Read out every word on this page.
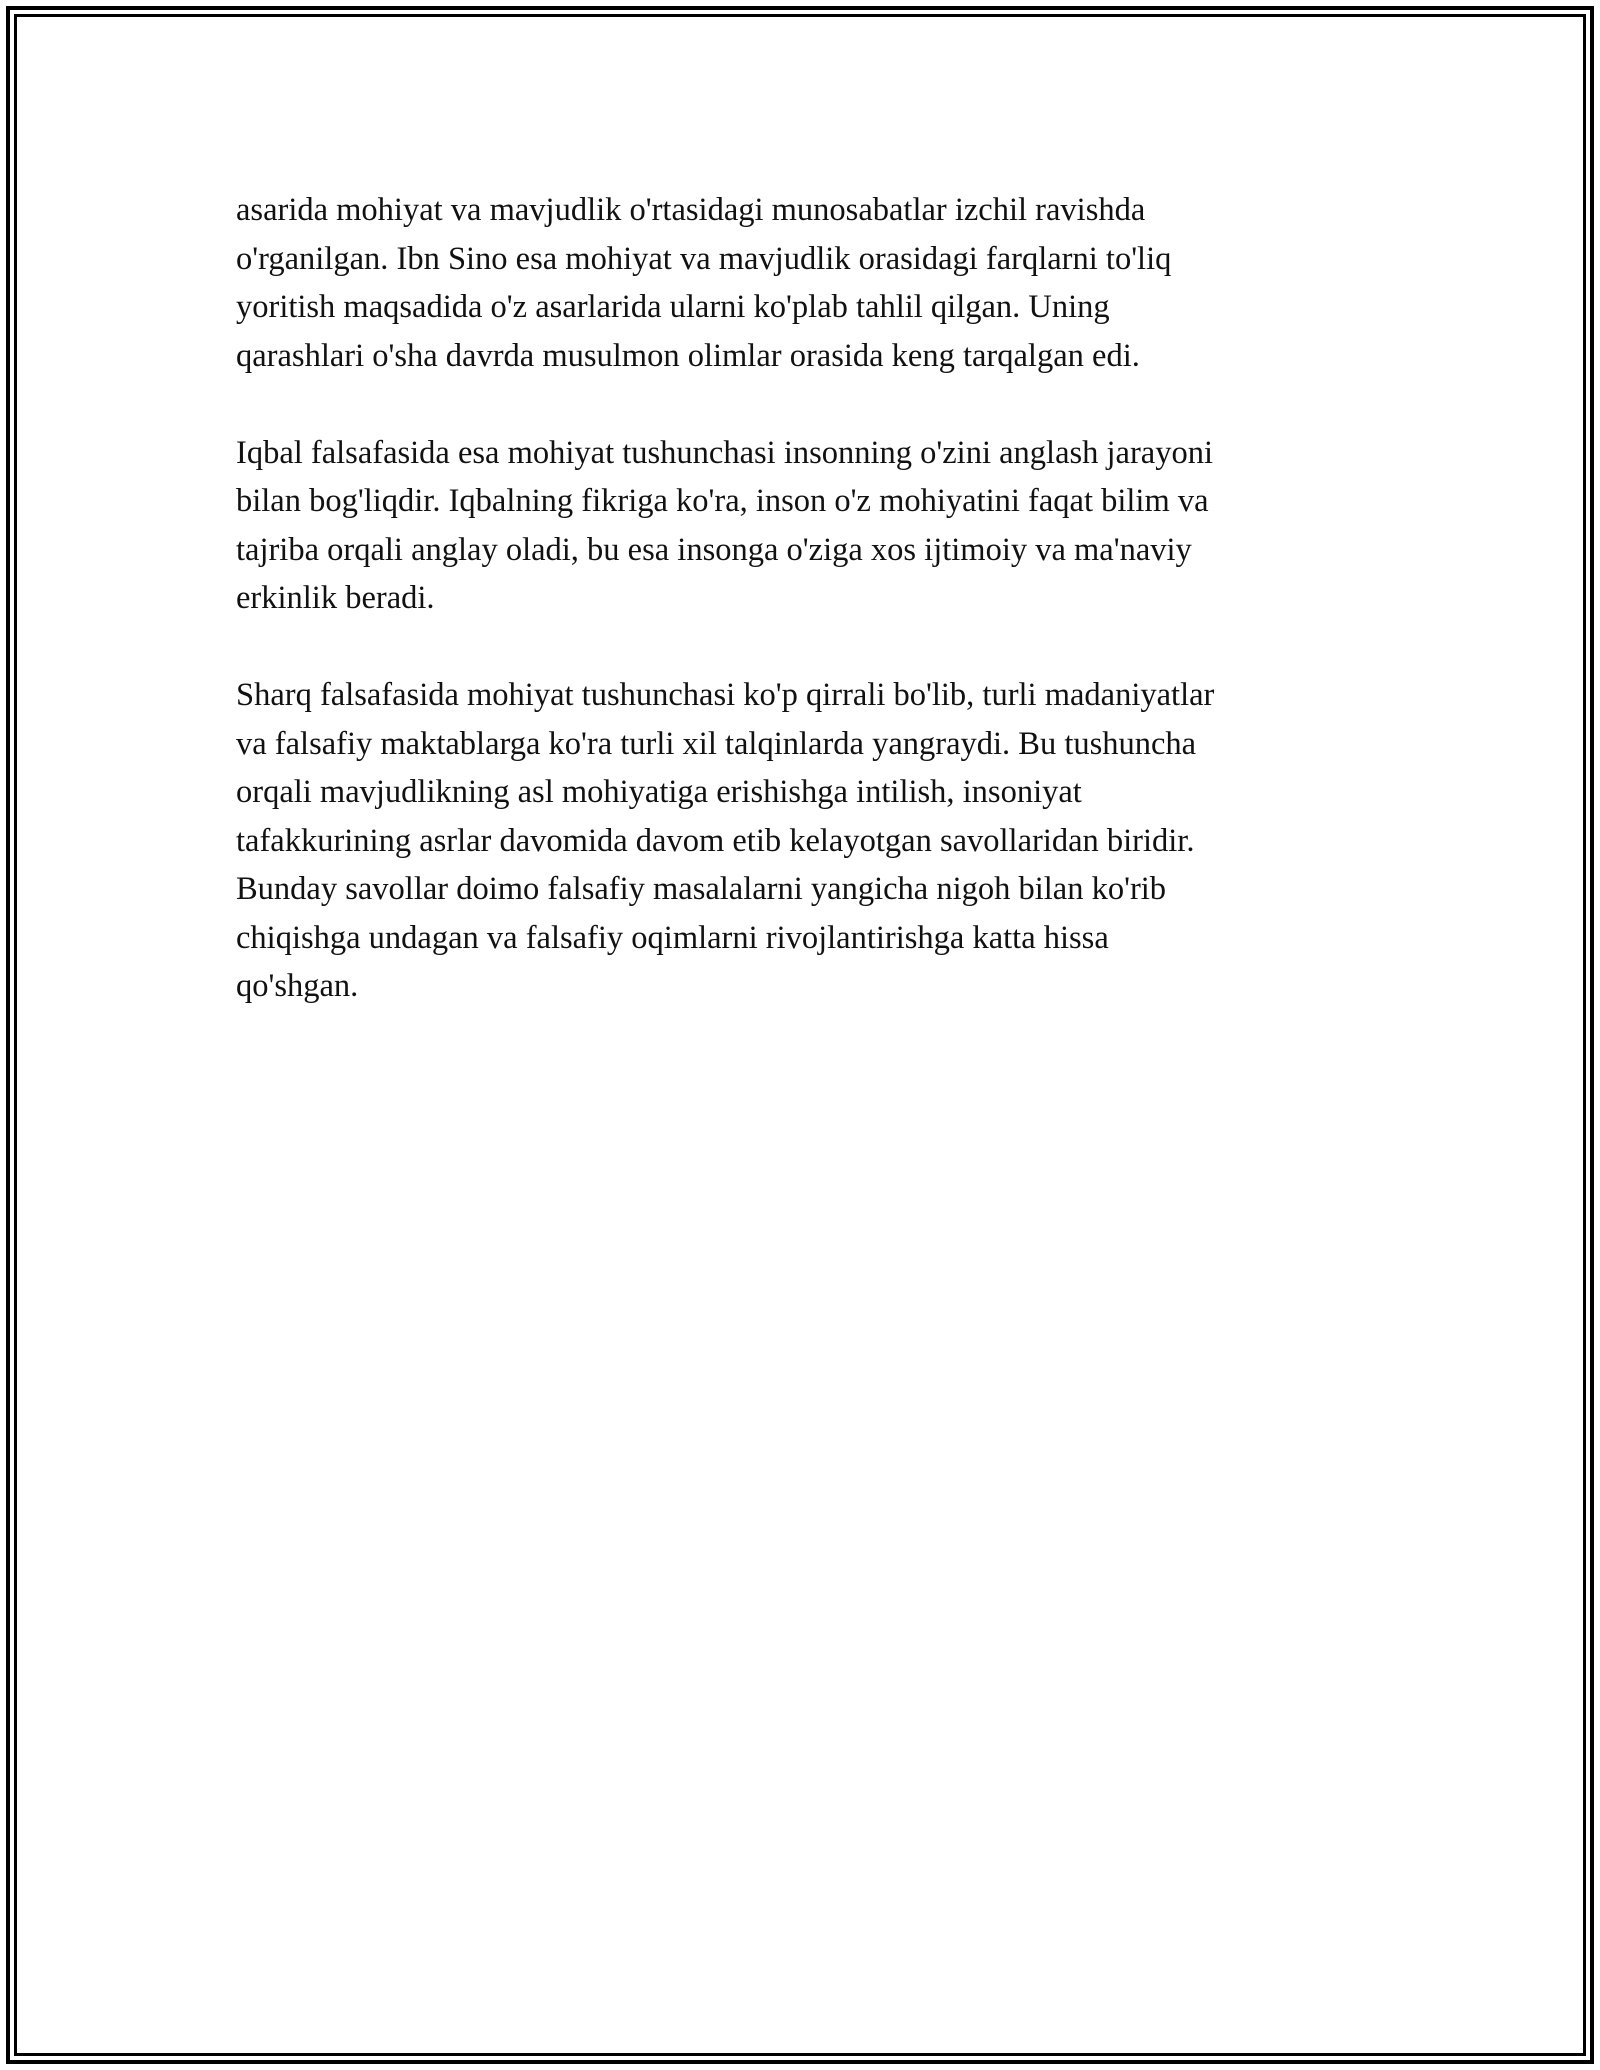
asarida mohiyat va mavjudlik o'rtasidagi munosabatlar izchil ravishda
o'rganilgan. Ibn Sino esa mohiyat va mavjudlik orasidagi farqlarni to'liq
yoritish maqsadida o'z asarlarida ularni ko'plab tahlil qilgan. Uning
qarashlari o'sha davrda musulmon olimlar orasida keng tarqalgan edi.

Iqbal falsafasida esa mohiyat tushunchasi insonning o'zini anglash jarayoni
bilan bog'liqdir. Iqbalning fikriga ko'ra, inson o'z mohiyatini faqat bilim va
tajriba orqali anglay oladi, bu esa insonga o'ziga xos ijtimoiy va ma'naviy
erkinlik beradi.

Sharq falsafasida mohiyat tushunchasi ko'p qirrali bo'lib, turli madaniyatlar
va falsafiy maktablarga ko'ra turli xil talqinlarda yangraydi. Bu tushuncha
orqali mavjudlikning asl mohiyatiga erishishga intilish, insoniyat
tafakkurining asrlar davomida davom etib kelayotgan savollaridan biridir.
Bunday savollar doimo falsafiy masalalarni yangicha nigoh bilan ko'rib
chiqishga undagan va falsafiy oqimlarni rivojlantirishga katta hissa
qo'shgan.
